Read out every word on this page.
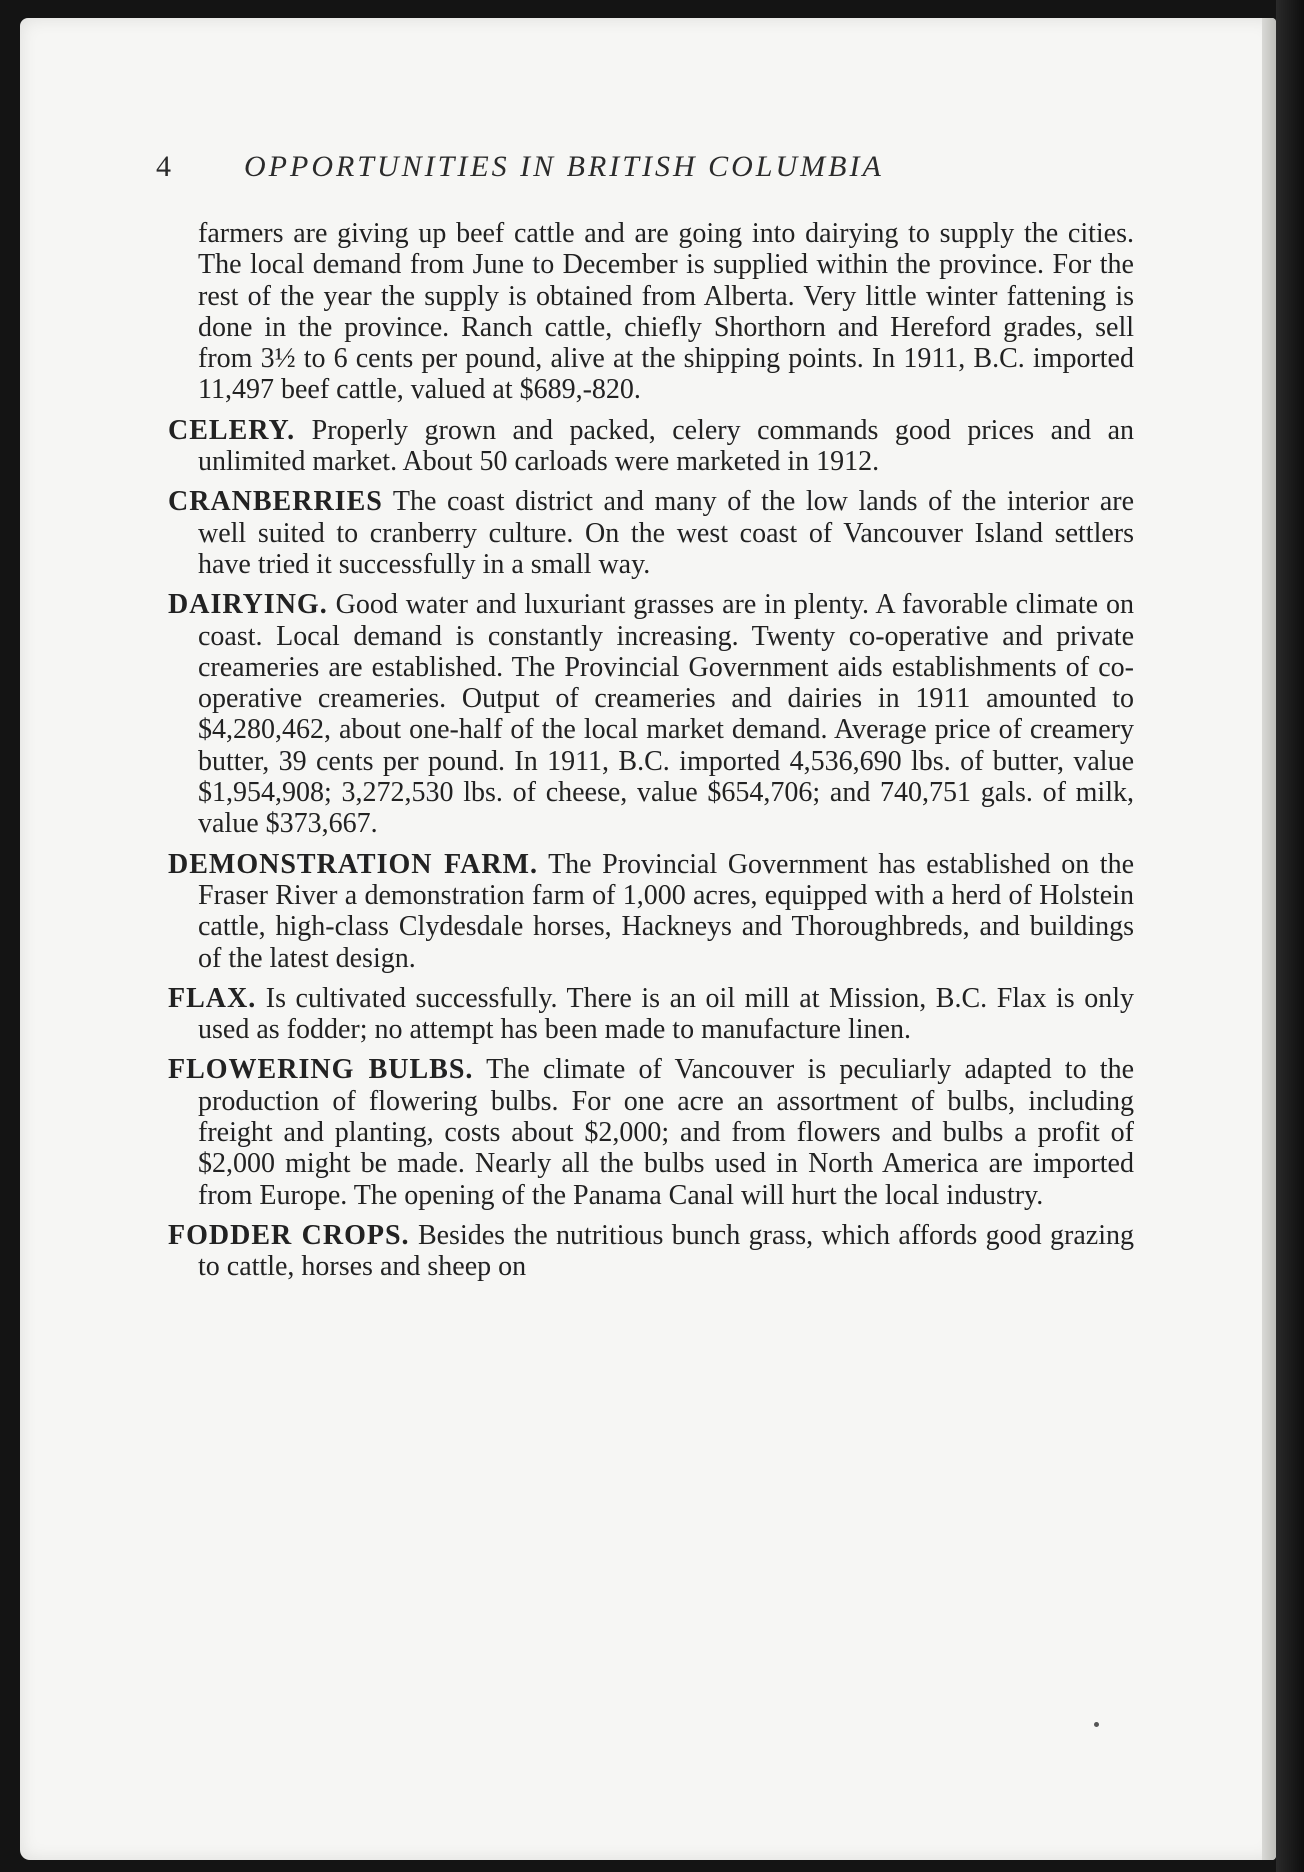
4 OPPORTUNITIES IN BRITISH COLUMBIA

farmers are giving up beef cattle and are going into dairying to supply the cities. The local demand from June to December is supplied within the province. For the rest of the year the supply is obtained from Alberta. Very little winter fattening is done in the province. Ranch cattle, chiefly Shorthorn and Hereford grades, sell from 3½ to 6 cents per pound, alive at the shipping points. In 1911, B.C. imported 11,497 beef cattle, valued at $689,-820.

CELERY. Properly grown and packed, celery commands good prices and an unlimited market. About 50 carloads were marketed in 1912.

CRANBERRIES The coast district and many of the low lands of the interior are well suited to cranberry culture. On the west coast of Vancouver Island settlers have tried it successfully in a small way.

DAIRYING. Good water and luxuriant grasses are in plenty. A favorable climate on coast. Local demand is constantly increasing. Twenty co-operative and private creameries are established. The Provincial Government aids establishments of co-operative creameries. Output of creameries and dairies in 1911 amounted to $4,280,462, about one-half of the local market demand. Average price of creamery butter, 39 cents per pound. In 1911, B.C. imported 4,536,690 lbs. of butter, value $1,954,908; 3,272,530 lbs. of cheese, value $654,706; and 740,751 gals. of milk, value $373,667.

DEMONSTRATION FARM. The Provincial Government has established on the Fraser River a demonstration farm of 1,000 acres, equipped with a herd of Holstein cattle, high-class Clydesdale horses, Hackneys and Thoroughbreds, and buildings of the latest design.

FLAX. Is cultivated successfully. There is an oil mill at Mission, B.C. Flax is only used as fodder; no attempt has been made to manufacture linen.

FLOWERING BULBS. The climate of Vancouver is peculiarly adapted to the production of flowering bulbs. For one acre an assortment of bulbs, including freight and planting, costs about $2,000; and from flowers and bulbs a profit of $2,000 might be made. Nearly all the bulbs used in North America are imported from Europe. The opening of the Panama Canal will hurt the local industry.

FODDER CROPS. Besides the nutritious bunch grass, which affords good grazing to cattle, horses and sheep on
